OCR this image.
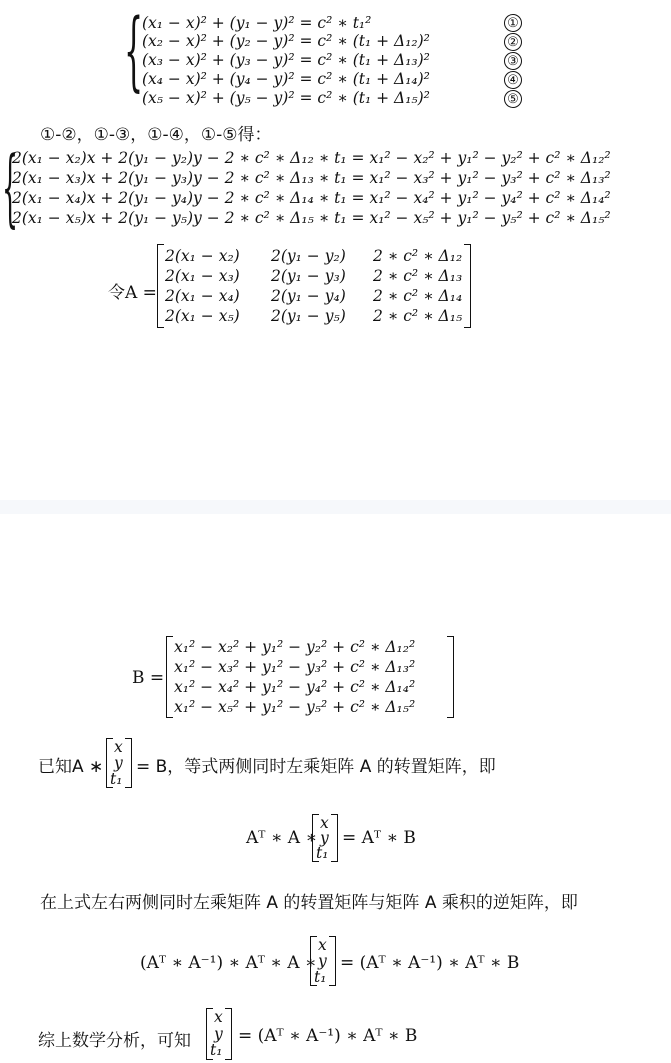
{
(x₁ − x)² + (y₁ − y)² = c² ∗ t₁²
(x₂ − x)² + (y₂ − y)² = c² ∗ (t₁ + Δ₁₂)²
(x₃ − x)² + (y₃ − y)² = c² ∗ (t₁ + Δ₁₃)²
(x₄ − x)² + (y₄ − y)² = c² ∗ (t₁ + Δ₁₄)²
(x₅ − x)² + (y₅ − y)² = c² ∗ (t₁ + Δ₁₅)²
①
②
③
④
⑤
①-②，①-③，①-④，①-⑤得：
{
2(x₁ − x₂)x + 2(y₁ − y₂)y − 2 ∗ c² ∗ Δ₁₂ ∗ t₁ = x₁² − x₂² + y₁² − y₂² + c² ∗ Δ₁₂²
2(x₁ − x₃)x + 2(y₁ − y₃)y − 2 ∗ c² ∗ Δ₁₃ ∗ t₁ = x₁² − x₃² + y₁² − y₃² + c² ∗ Δ₁₃²
2(x₁ − x₄)x + 2(y₁ − y₄)y − 2 ∗ c² ∗ Δ₁₄ ∗ t₁ = x₁² − x₄² + y₁² − y₄² + c² ∗ Δ₁₄²
2(x₁ − x₅)x + 2(y₁ − y₅)y − 2 ∗ c² ∗ Δ₁₅ ∗ t₁ = x₁² − x₅² + y₁² − y₅² + c² ∗ Δ₁₅²
令A =
2(x₁ − x₂) 2(y₁ − y₂) 2 ∗ c² ∗ Δ₁₂
2(x₁ − x₃) 2(y₁ − y₃) 2 ∗ c² ∗ Δ₁₃
2(x₁ − x₄) 2(y₁ − y₄) 2 ∗ c² ∗ Δ₁₄
2(x₁ − x₅) 2(y₁ − y₅) 2 ∗ c² ∗ Δ₁₅
B =
x₁² − x₂² + y₁² − y₂² + c² ∗ Δ₁₂²
x₁² − x₃² + y₁² − y₃² + c² ∗ Δ₁₃²
x₁² − x₄² + y₁² − y₄² + c² ∗ Δ₁₄²
x₁² − x₅² + y₁² − y₅² + c² ∗ Δ₁₅²
已知A ∗
x
y
t₁
= B，等式两侧同时左乘矩阵 A 的转置矩阵，即
Aᵀ ∗ A ∗
x
y
t₁
= Aᵀ ∗ B
在上式左右两侧同时左乘矩阵 A 的转置矩阵与矩阵 A 乘积的逆矩阵，即
(Aᵀ ∗ A⁻¹) ∗ Aᵀ ∗ A ∗
x
y
t₁
= (Aᵀ ∗ A⁻¹) ∗ Aᵀ ∗ B
综上数学分析，可知
x
y
t₁
= (Aᵀ ∗ A⁻¹) ∗ Aᵀ ∗ B
